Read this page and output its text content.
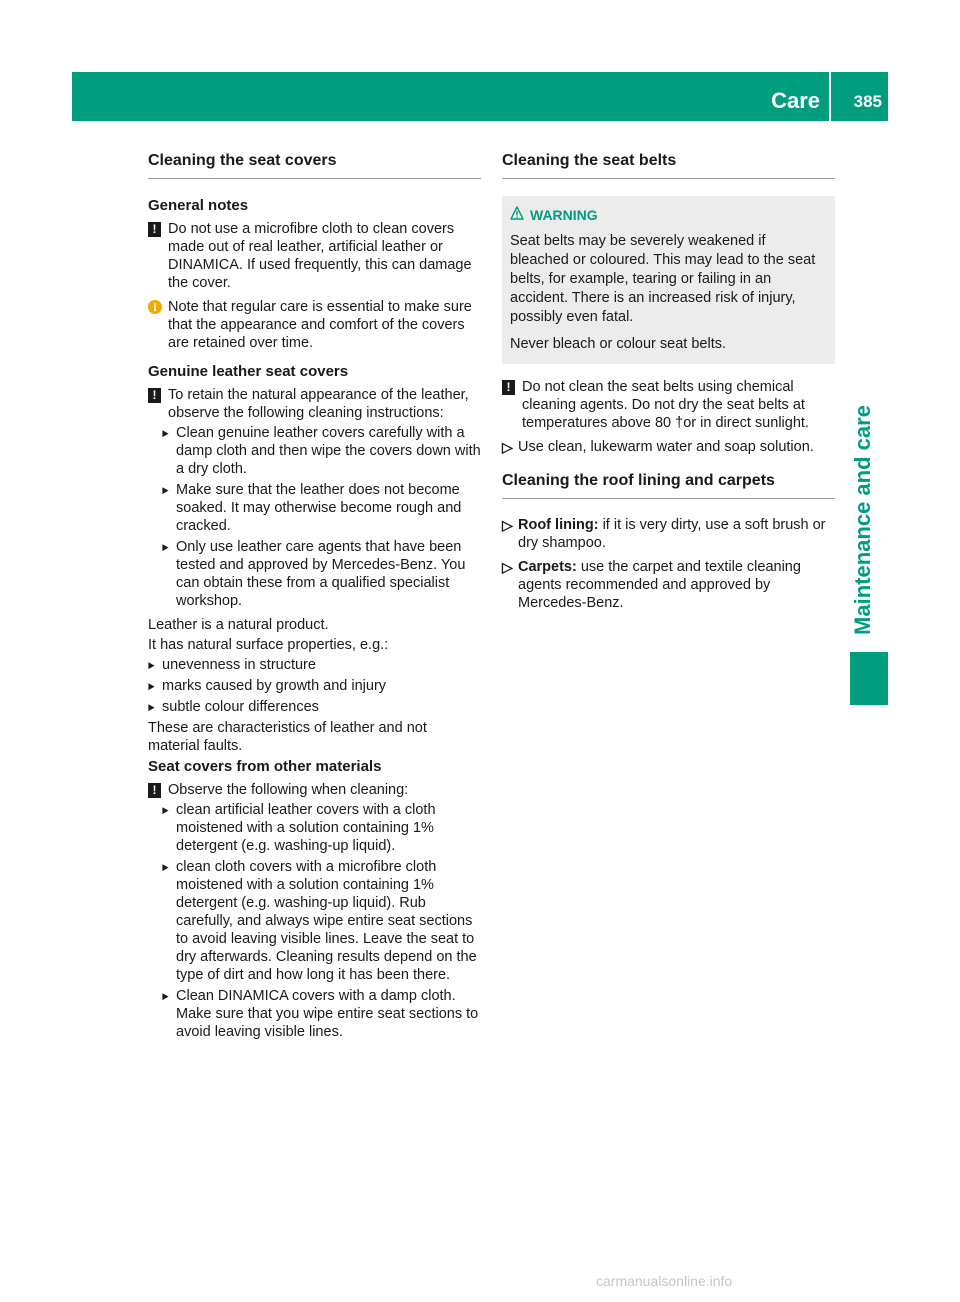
Care 385
Maintenance and care
Cleaning the seat covers
General notes
! Do not use a microfibre cloth to clean covers made out of real leather, artificial leather or DINAMICA. If used frequently, this can damage the cover.
i Note that regular care is essential to make sure that the appearance and comfort of the covers are retained over time.
Genuine leather seat covers
! To retain the natural appearance of the leather, observe the following cleaning instructions:

▶ Clean genuine leather covers carefully with a damp cloth and then wipe the covers down with a dry cloth.
▶ Make sure that the leather does not become soaked. It may otherwise become rough and cracked.
▶ Only use leather care agents that have been tested and approved by Mercedes-Benz. You can obtain these from a qualified specialist workshop.

Leather is a natural product.

It has natural surface properties, e.g.:

▶ unevenness in structure
▶ marks caused by growth and injury
▶ subtle colour differences

These are characteristics of leather and not material faults.

Seat covers from other materials
! Observe the following when cleaning:

▶ clean artificial leather covers with a cloth moistened with a solution containing 1% detergent (e.g. washing-up liquid).
▶ clean cloth covers with a microfibre cloth moistened with a solution containing 1% detergent (e.g. washing-up liquid). Rub carefully, and always wipe entire seat sections to avoid leaving visible lines. Leave the seat to dry afterwards. Cleaning results depend on the type of dirt and how long it has been there.
▶ Clean DINAMICA covers with a damp cloth. Make sure that you wipe entire seat sections to avoid leaving visible lines.
Cleaning the seat belts
WARNING

Seat belts may be severely weakened if bleached or coloured. This may lead to the seat belts, for example, tearing or failing in an accident. There is an increased risk of injury, possibly even fatal.

Never bleach or colour seat belts.

! Do not clean the seat belts using chemical cleaning agents. Do not dry the seat belts at temperatures above 80 †or in direct sunlight.
▷ Use clean, lukewarm water and soap solution.
Cleaning the roof lining and carpets
▷ Roof lining: if it is very dirty, use a soft brush or dry shampoo.
▷ Carpets: use the carpet and textile cleaning agents recommended and approved by Mercedes-Benz.
carmanualsonline.info
